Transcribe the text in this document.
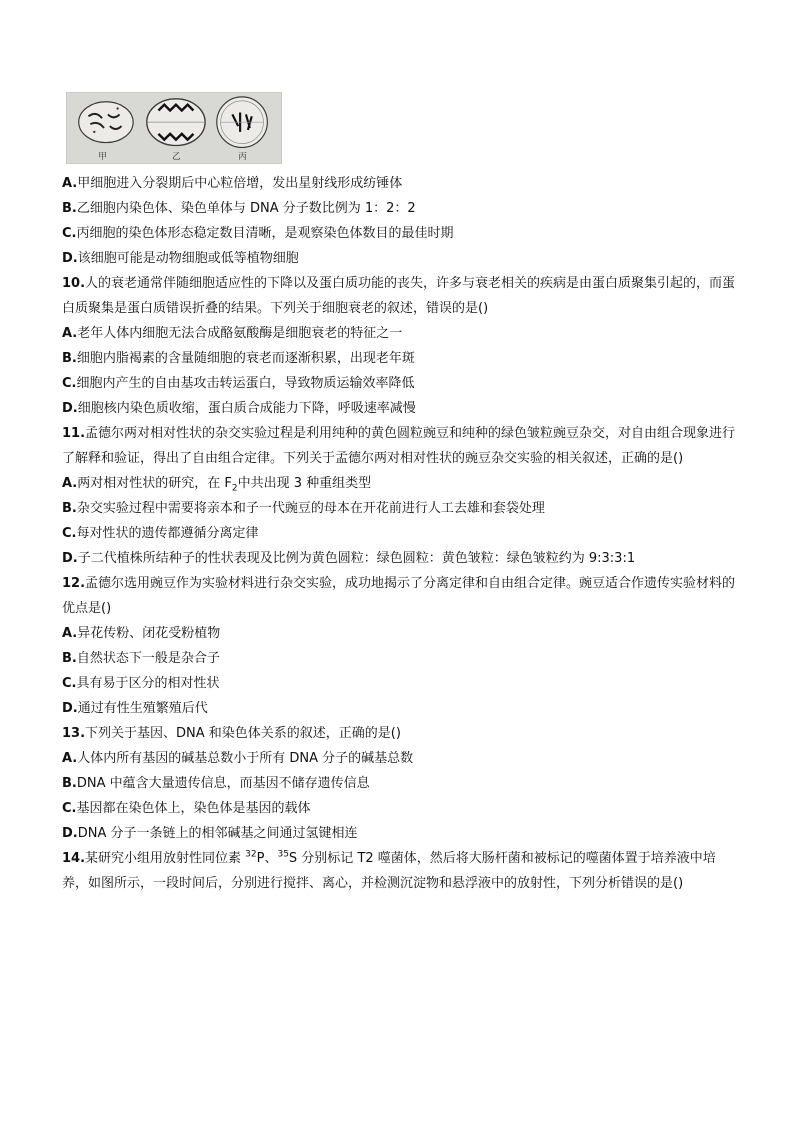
甲	乙	丙

A.甲细胞进入分裂期后中心粒倍增，发出星射线形成纺锤体

B.乙细胞内染色体、染色单体与 DNA 分子数比例为 1：2：2

C.丙细胞的染色体形态稳定数目清晰，是观察染色体数目的最佳时期

D.该细胞可能是动物细胞或低等植物细胞

10.人的衰老通常伴随细胞适应性的下降以及蛋白质功能的丧失，许多与衰老相关的疾病是由蛋白质聚集引起的，而蛋白质聚集是蛋白质错误折叠的结果。下列关于细胞衰老的叙述，错误的是()

A.老年人体内细胞无法合成酪氨酸酶是细胞衰老的特征之一

B.细胞内脂褐素的含量随细胞的衰老而逐渐积累，出现老年斑

C.细胞内产生的自由基攻击转运蛋白，导致物质运输效率降低

D.细胞核内染色质收缩，蛋白质合成能力下降，呼吸速率减慢

11.孟德尔两对相对性状的杂交实验过程是利用纯种的黄色圆粒豌豆和纯种的绿色皱粒豌豆杂交，对自由组合现象进行了解释和验证，得出了自由组合定律。下列关于孟德尔两对相对性状的豌豆杂交实验的相关叙述，正确的是()

A.两对相对性状的研究，在 $F_2$中共出现 3 种重组类型

B.杂交实验过程中需要将亲本和子一代豌豆的母本在开花前进行人工去雄和套袋处理

C.每对性状的遗传都遵循分离定律

D.子二代植株所结种子的性状表现及比例为黄色圆粒：绿色圆粒：黄色皱粒：绿色皱粒约为 9:3:3:1

12.孟德尔选用豌豆作为实验材料进行杂交实验，成功地揭示了分离定律和自由组合定律。豌豆适合作遗传实验材料的优点是()

A.异花传粉、闭花受粉植物

B.自然状态下一般是杂合子

C.具有易于区分的相对性状

D.通过有性生殖繁殖后代

13.下列关于基因、DNA 和染色体关系的叙述，正确的是()

A.人体内所有基因的碱基总数小于所有 DNA 分子的碱基总数

B.DNA 中蕴含大量遗传信息，而基因不储存遗传信息

C.基因都在染色体上，染色体是基因的载体

D.DNA 分子一条链上的相邻碱基之间通过氢键相连

14.某研究小组用放射性同位素 $^{32}$P、$^{35}$S 分别标记 T2 噬菌体，然后将大肠杆菌和被标记的噬菌体置于培养液中培养，如图所示，一段时间后，分别进行搅拌、离心，并检测沉淀物和悬浮液中的放射性，下列分析错误的是()
